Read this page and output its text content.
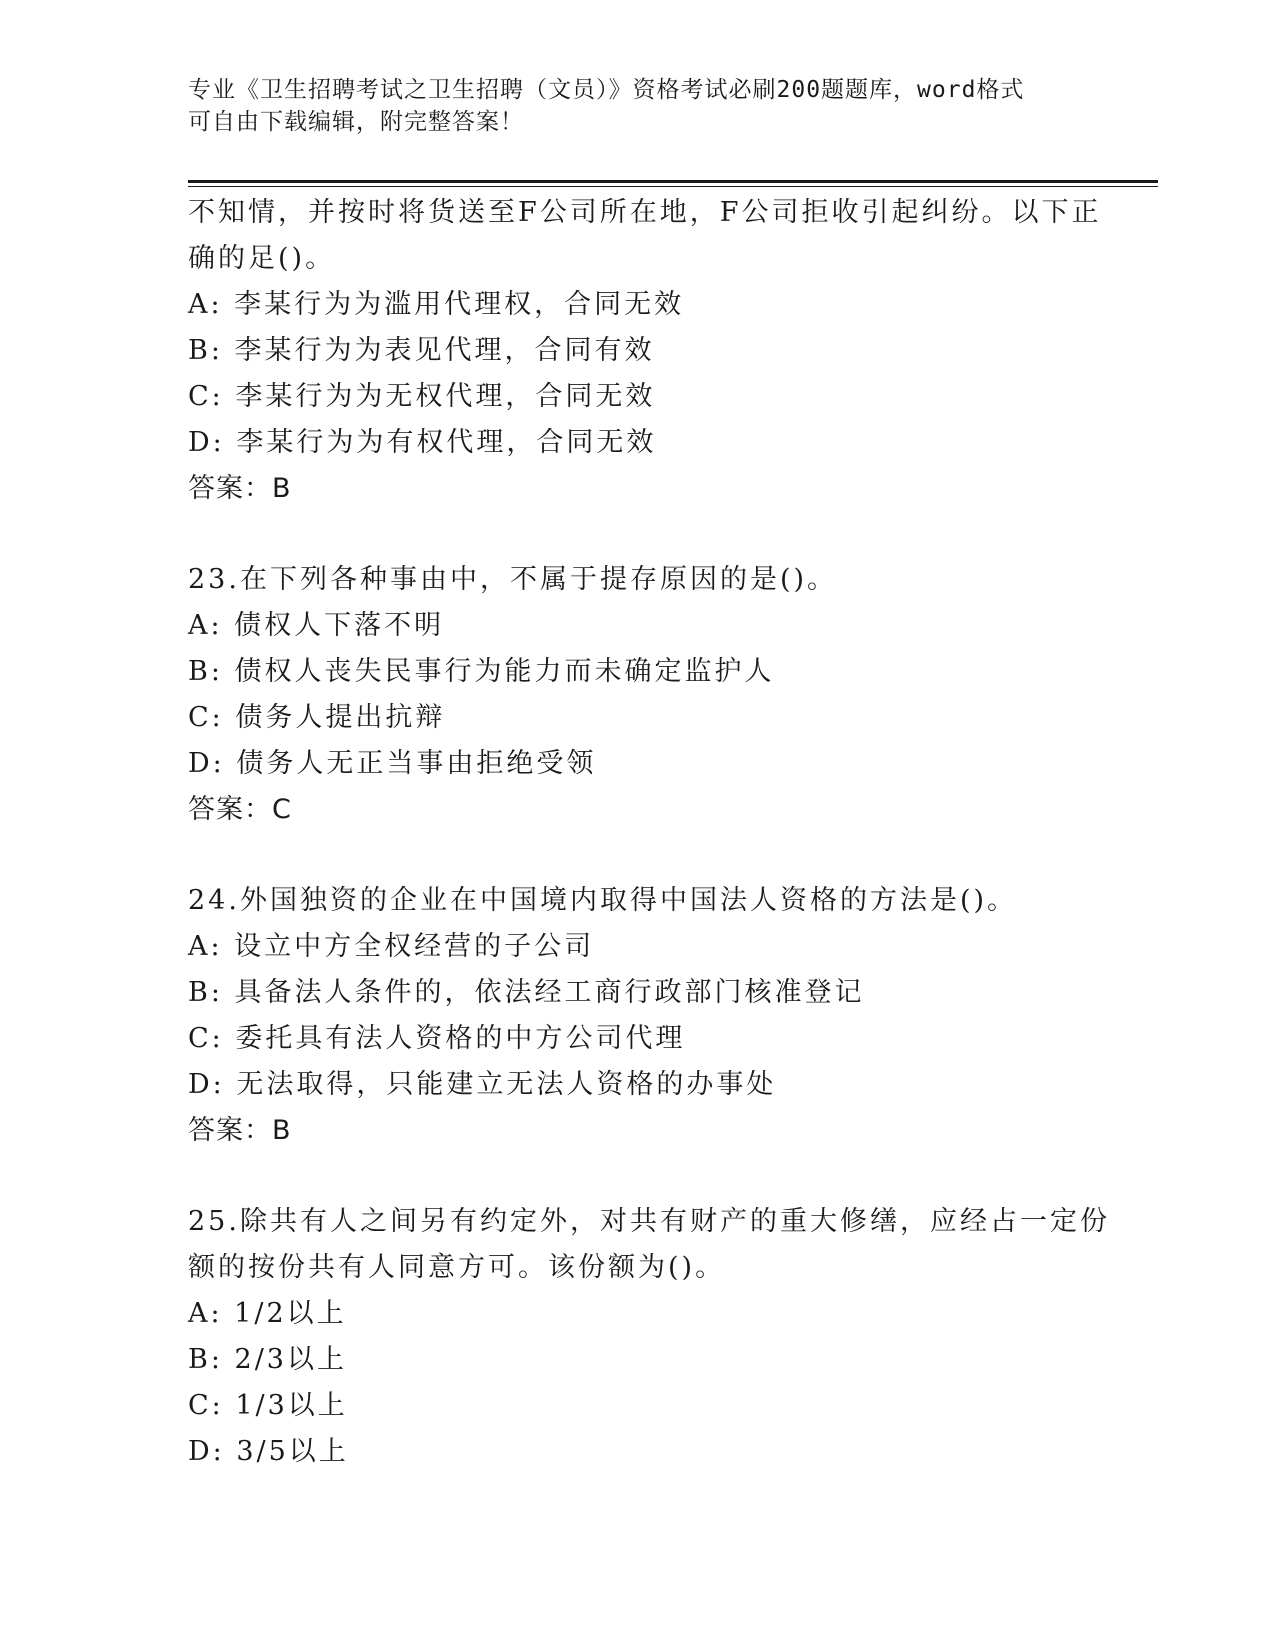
专业《卫生招聘考试之卫生招聘（文员）》资格考试必刷200题题库，word格式
可自由下载编辑，附完整答案！
不知情，并按时将货送至F公司所在地，F公司拒收引起纠纷。以下正
确的足()。
A: 李某行为为滥用代理权，合同无效
B: 李某行为为表见代理，合同有效
C: 李某行为为无权代理，合同无效
D: 李某行为为有权代理，合同无效
答案：B
23.在下列各种事由中，不属于提存原因的是()。
A: 债权人下落不明
B: 债权人丧失民事行为能力而未确定监护人
C: 债务人提出抗辩
D: 债务人无正当事由拒绝受领
答案：C
24.外国独资的企业在中国境内取得中国法人资格的方法是()。
A: 设立中方全权经营的子公司
B: 具备法人条件的，依法经工商行政部门核准登记
C: 委托具有法人资格的中方公司代理
D: 无法取得，只能建立无法人资格的办事处
答案：B
25.除共有人之间另有约定外，对共有财产的重大修缮，应经占一定份
额的按份共有人同意方可。该份额为()。
A: 1/2以上
B: 2/3以上
C: 1/3以上
D: 3/5以上
